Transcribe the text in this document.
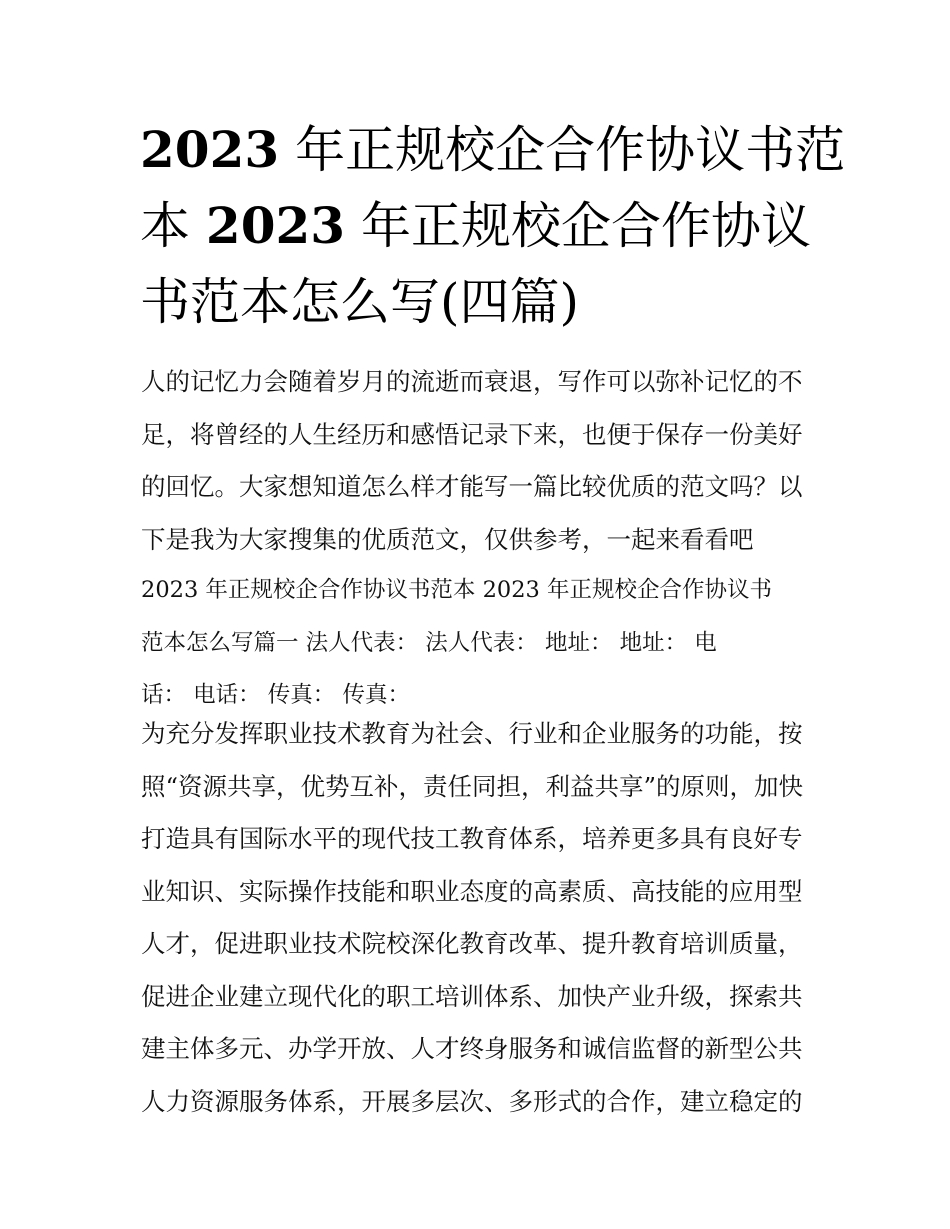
2023 年正规校企合作协议书范
本 2023 年正规校企合作协议
书范本怎么写(四篇)
人的记忆力会随着岁月的流逝而衰退，写作可以弥补记忆的不
足，将曾经的人生经历和感悟记录下来，也便于保存一份美好
的回忆。大家想知道怎么样才能写一篇比较优质的范文吗？以
下是我为大家搜集的优质范文，仅供参考，一起来看看吧
2023 年正规校企合作协议书范本 2023 年正规校企合作协议书
范本怎么写篇一 法人代表： 法人代表： 地址： 地址： 电
话： 电话： 传真： 传真：
为充分发挥职业技术教育为社会、行业和企业服务的功能，按
照“资源共享，优势互补，责任同担，利益共享”的原则，加快
打造具有国际水平的现代技工教育体系，培养更多具有良好专
业知识、实际操作技能和职业态度的高素质、高技能的应用型
人才，促进职业技术院校深化教育改革、提升教育培训质量，
促进企业建立现代化的职工培训体系、加快产业升级，探索共
建主体多元、办学开放、人才终身服务和诚信监督的新型公共
人力资源服务体系，开展多层次、多形式的合作，建立稳定的
